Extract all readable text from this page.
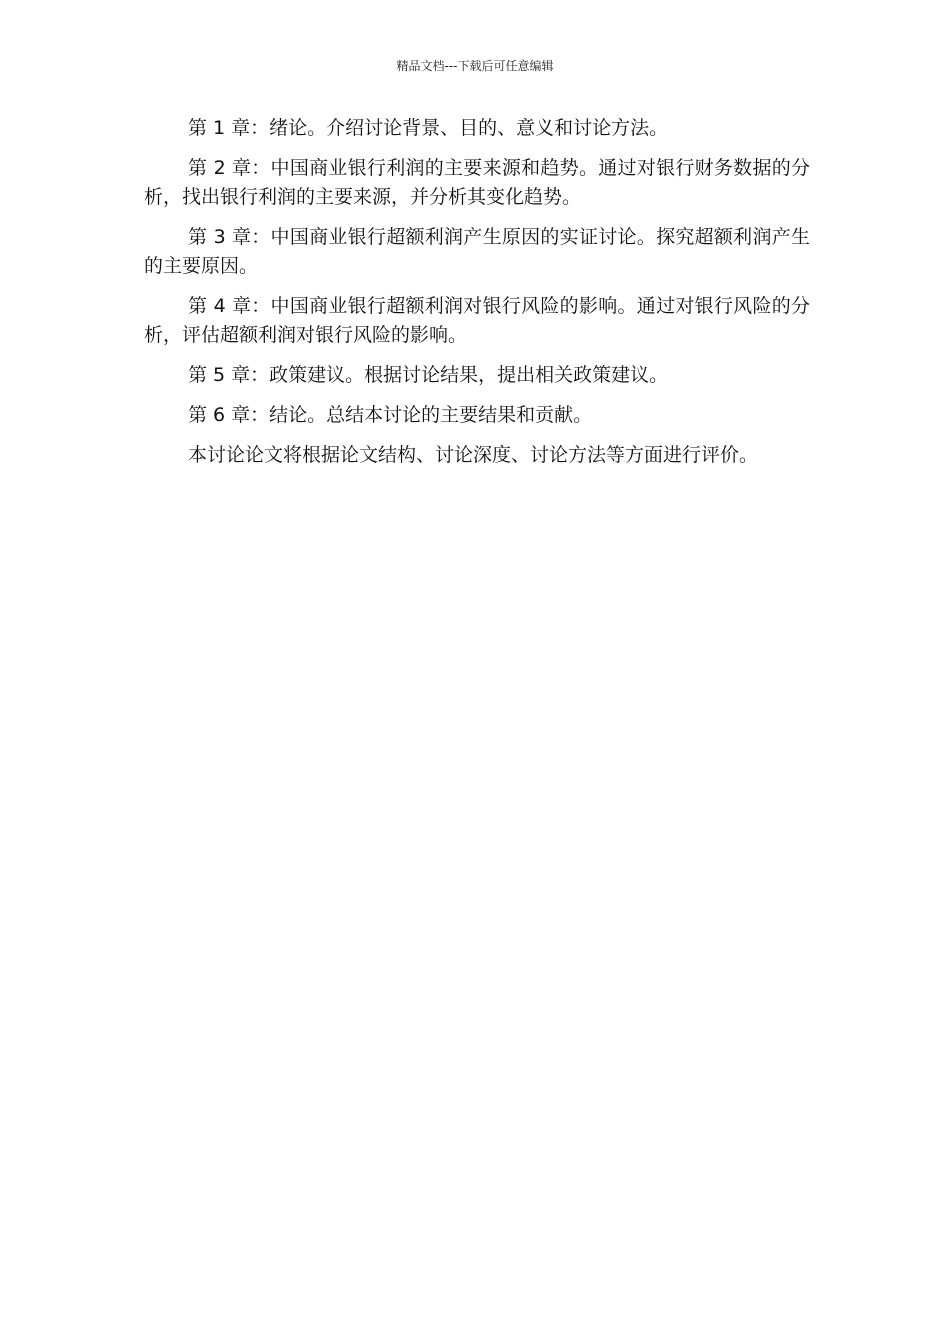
精品文档---下载后可任意编辑

第 1 章：绪论。介绍讨论背景、目的、意义和讨论方法。

第 2 章：中国商业银行利润的主要来源和趋势。通过对银行财务数据的分析，找出银行利润的主要来源，并分析其变化趋势。

第 3 章：中国商业银行超额利润产生原因的实证讨论。探究超额利润产生的主要原因。

第 4 章：中国商业银行超额利润对银行风险的影响。通过对银行风险的分析，评估超额利润对银行风险的影响。

第 5 章：政策建议。根据讨论结果，提出相关政策建议。

第 6 章：结论。总结本讨论的主要结果和贡献。

本讨论论文将根据论文结构、讨论深度、讨论方法等方面进行评价。
